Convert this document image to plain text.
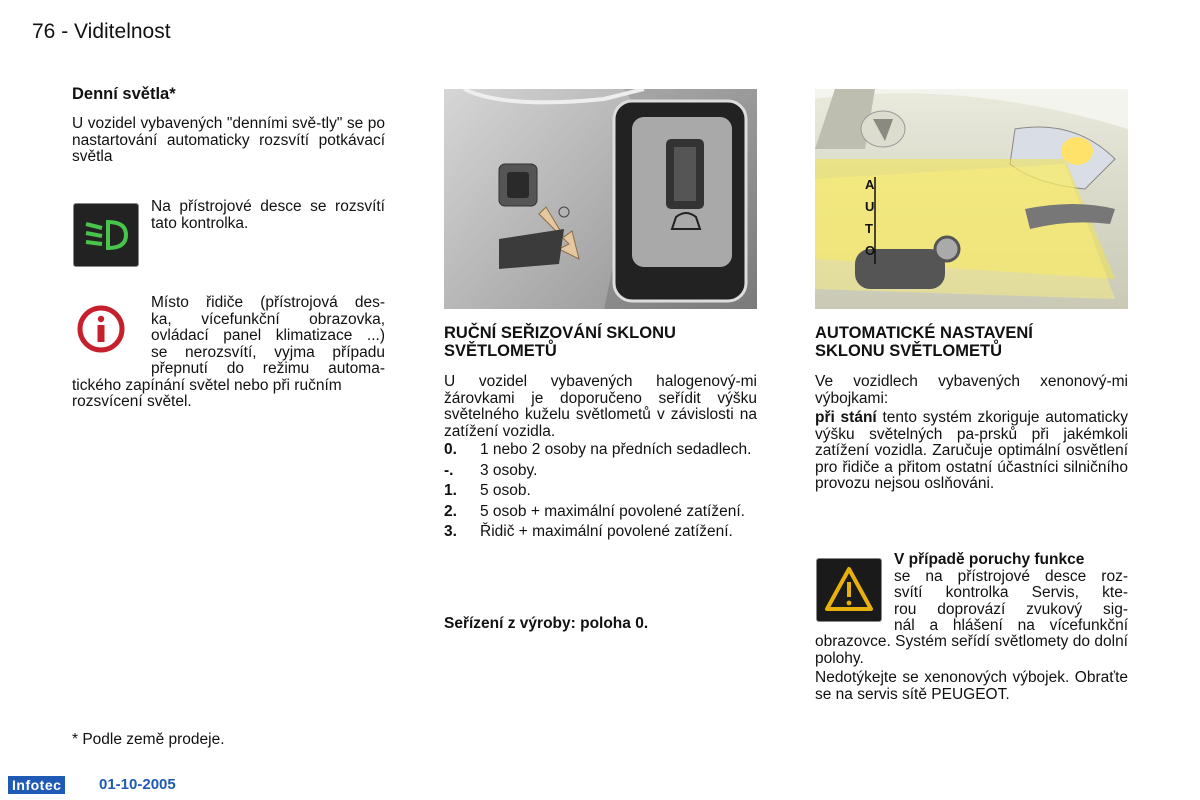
76 - Viditelnost
Denní světla*
U vozidel vybavených "denními svě-tly" se po nastartování automaticky rozsvítí potkávací světla
Na přístrojové desce se rozsvítí tato kontrolka.
Místo řidiče (přístrojová des-
ka, vícefunkční obrazovka,
ovládací panel klimatizace ...)
se nerozsvítí, vyjma případu
přepnutí do režimu automa-
tického zapínání světel nebo při ručním
rozsvícení světel.
* Podle země prodeje.
RUČNÍ SEŘIZOVÁNÍ SKLONU
SVĚTLOMETŮ
U vozidel vybavených halogenový-mi žárovkami je doporučeno seřídit výšku světelného kuželu světlometů v závislosti na zatížení vozidla.
0.	1 nebo 2 osoby na předních sedadlech.
-.	3 osoby.
1.	5 osob.
2.	5 osob + maximální povolené zatížení.
3.	Řidič + maximální povolené zatížení.
Seřízení z výroby: poloha 0.
A
U
T
O
AUTOMATICKÉ NASTAVENÍ
SKLONU SVĚTLOMETŮ
Ve vozidlech vybavených xenonový-mi výbojkami:
při stání tento systém zkoriguje automaticky výšku světelných pa-prsků při jakémkoli zatížení vozidla. Zaručuje optimální osvětlení pro řidiče a přitom ostatní účastníci silničního provozu nejsou oslňováni.
V případě poruchy funkce
se na přístrojové desce roz-
svítí kontrolka Servis, kte-
rou doprovází zvukový sig-
nál a hlášení na vícefunkční
obrazovce. Systém seřídí světlomety do dolní polohy.
Nedotýkejte se xenonových výbojek. Obraťte se na servis sítě PEUGEOT.
Infotec	01-10-2005
